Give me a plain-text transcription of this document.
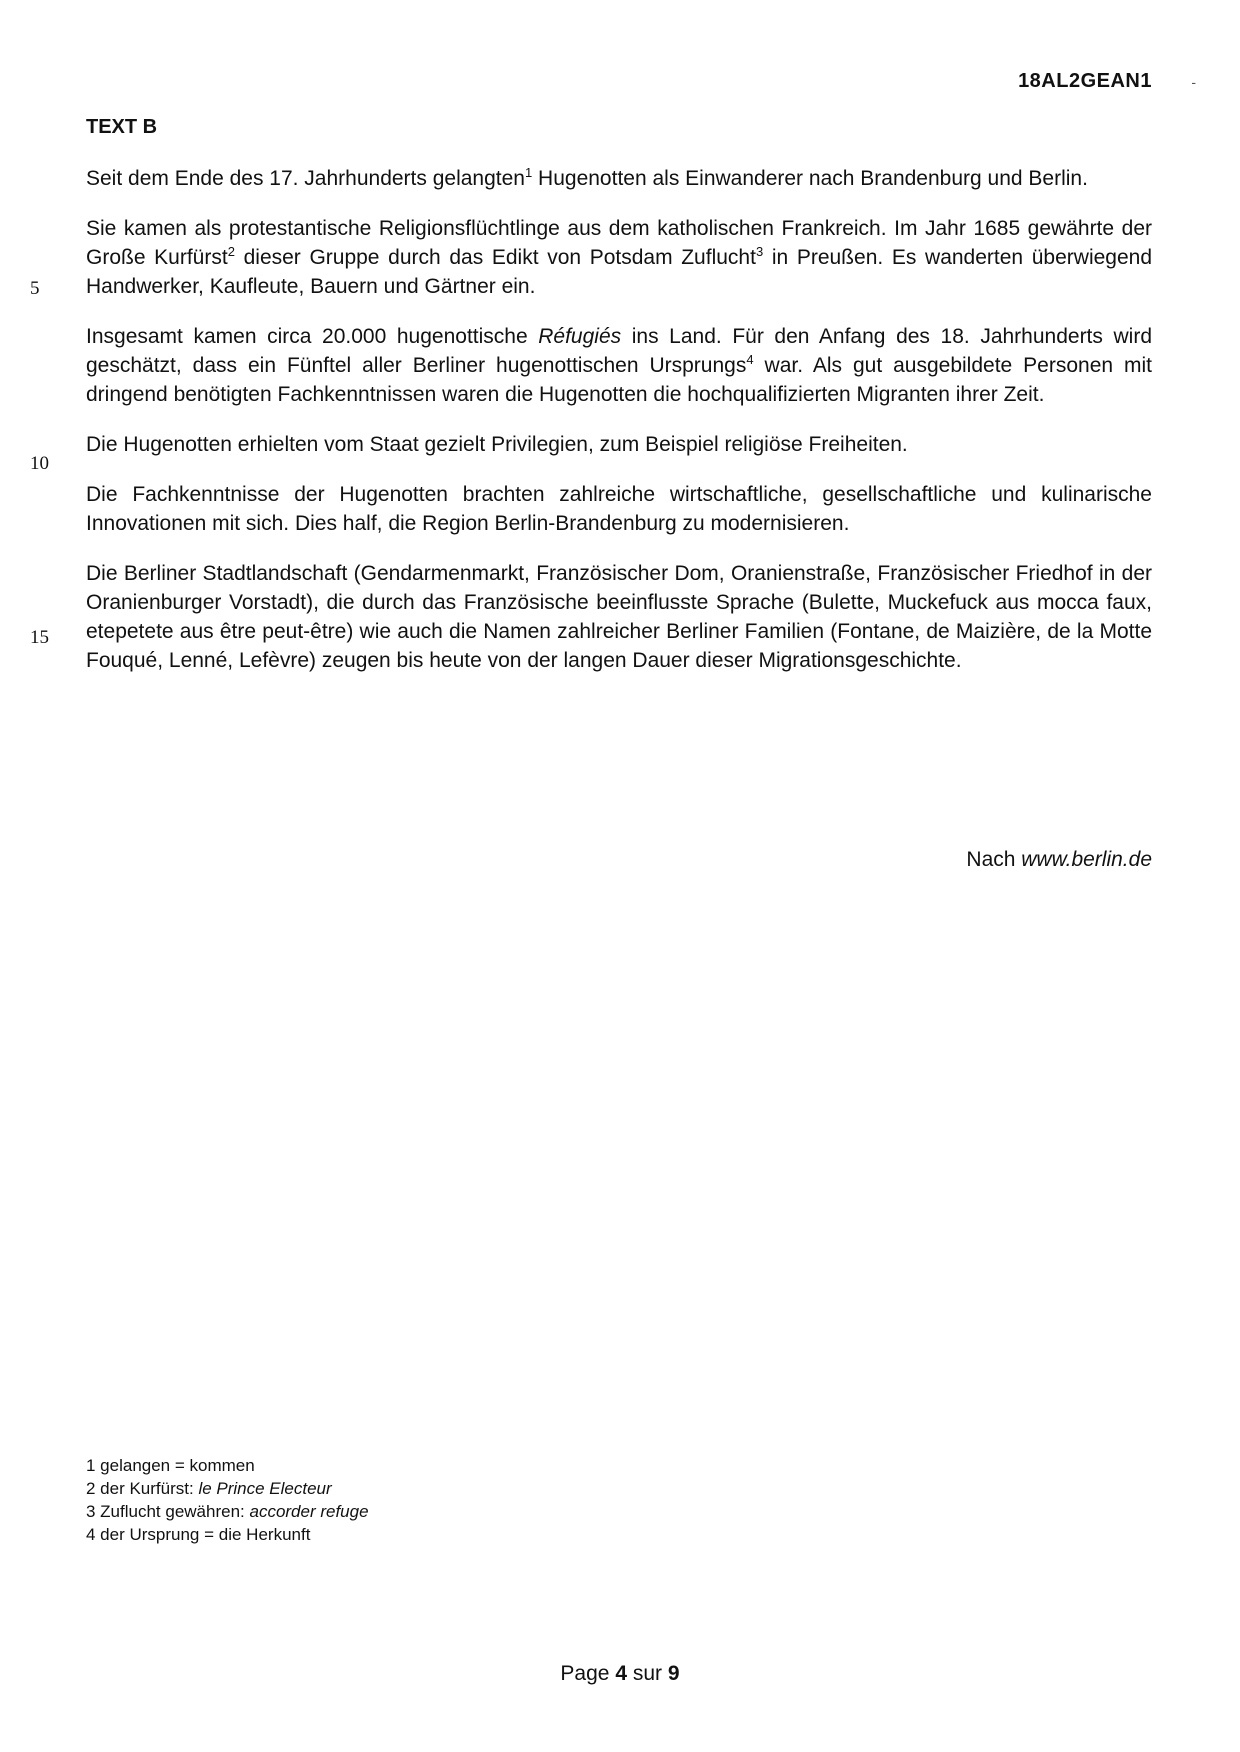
18AL2GEAN1	-
TEXT B
5
10
15

Seit dem Ende des 17. Jahrhunderts gelangten$^1$ Hugenotten als Einwanderer nach Brandenburg und Berlin.

Sie kamen als protestantische Religionsflüchtlinge aus dem katholischen Frankreich. Im Jahr 1685 gewährte der Große Kurfürst$^2$ dieser Gruppe durch das Edikt von Potsdam Zuflucht$^3$ in Preußen. Es wanderten überwiegend Handwerker, Kaufleute, Bauern und Gärtner ein.

Insgesamt kamen circa 20.000 hugenottische Réfugiés ins Land. Für den Anfang des 18. Jahrhunderts wird geschätzt, dass ein Fünftel aller Berliner hugenottischen Ursprungs$^4$ war. Als gut ausgebildete Personen mit dringend benötigten Fachkenntnissen waren die Hugenotten die hochqualifizierten Migranten ihrer Zeit.

Die Hugenotten erhielten vom Staat gezielt Privilegien, zum Beispiel religiöse Freiheiten.

Die Fachkenntnisse der Hugenotten brachten zahlreiche wirtschaftliche, gesellschaftliche und kulinarische Innovationen mit sich. Dies half, die Region Berlin-Brandenburg zu modernisieren.

Die Berliner Stadtlandschaft (Gendarmenmarkt, Französischer Dom, Oranienstraße, Französischer Friedhof in der Oranienburger Vorstadt), die durch das Französische beeinflusste Sprache (Bulette, Muckefuck aus mocca faux, etepetete aus être peut-être) wie auch die Namen zahlreicher Berliner Familien (Fontane, de Maizière, de la Motte Fouqué, Lenné, Lefèvre) zeugen bis heute von der langen Dauer dieser Migrationsgeschichte.

Nach www.berlin.de

1 gelangen = kommen

2 der Kurfürst: le Prince Electeur

3 Zuflucht gewähren: accorder refuge

4 der Ursprung = die Herkunft

Page 4 sur 9
